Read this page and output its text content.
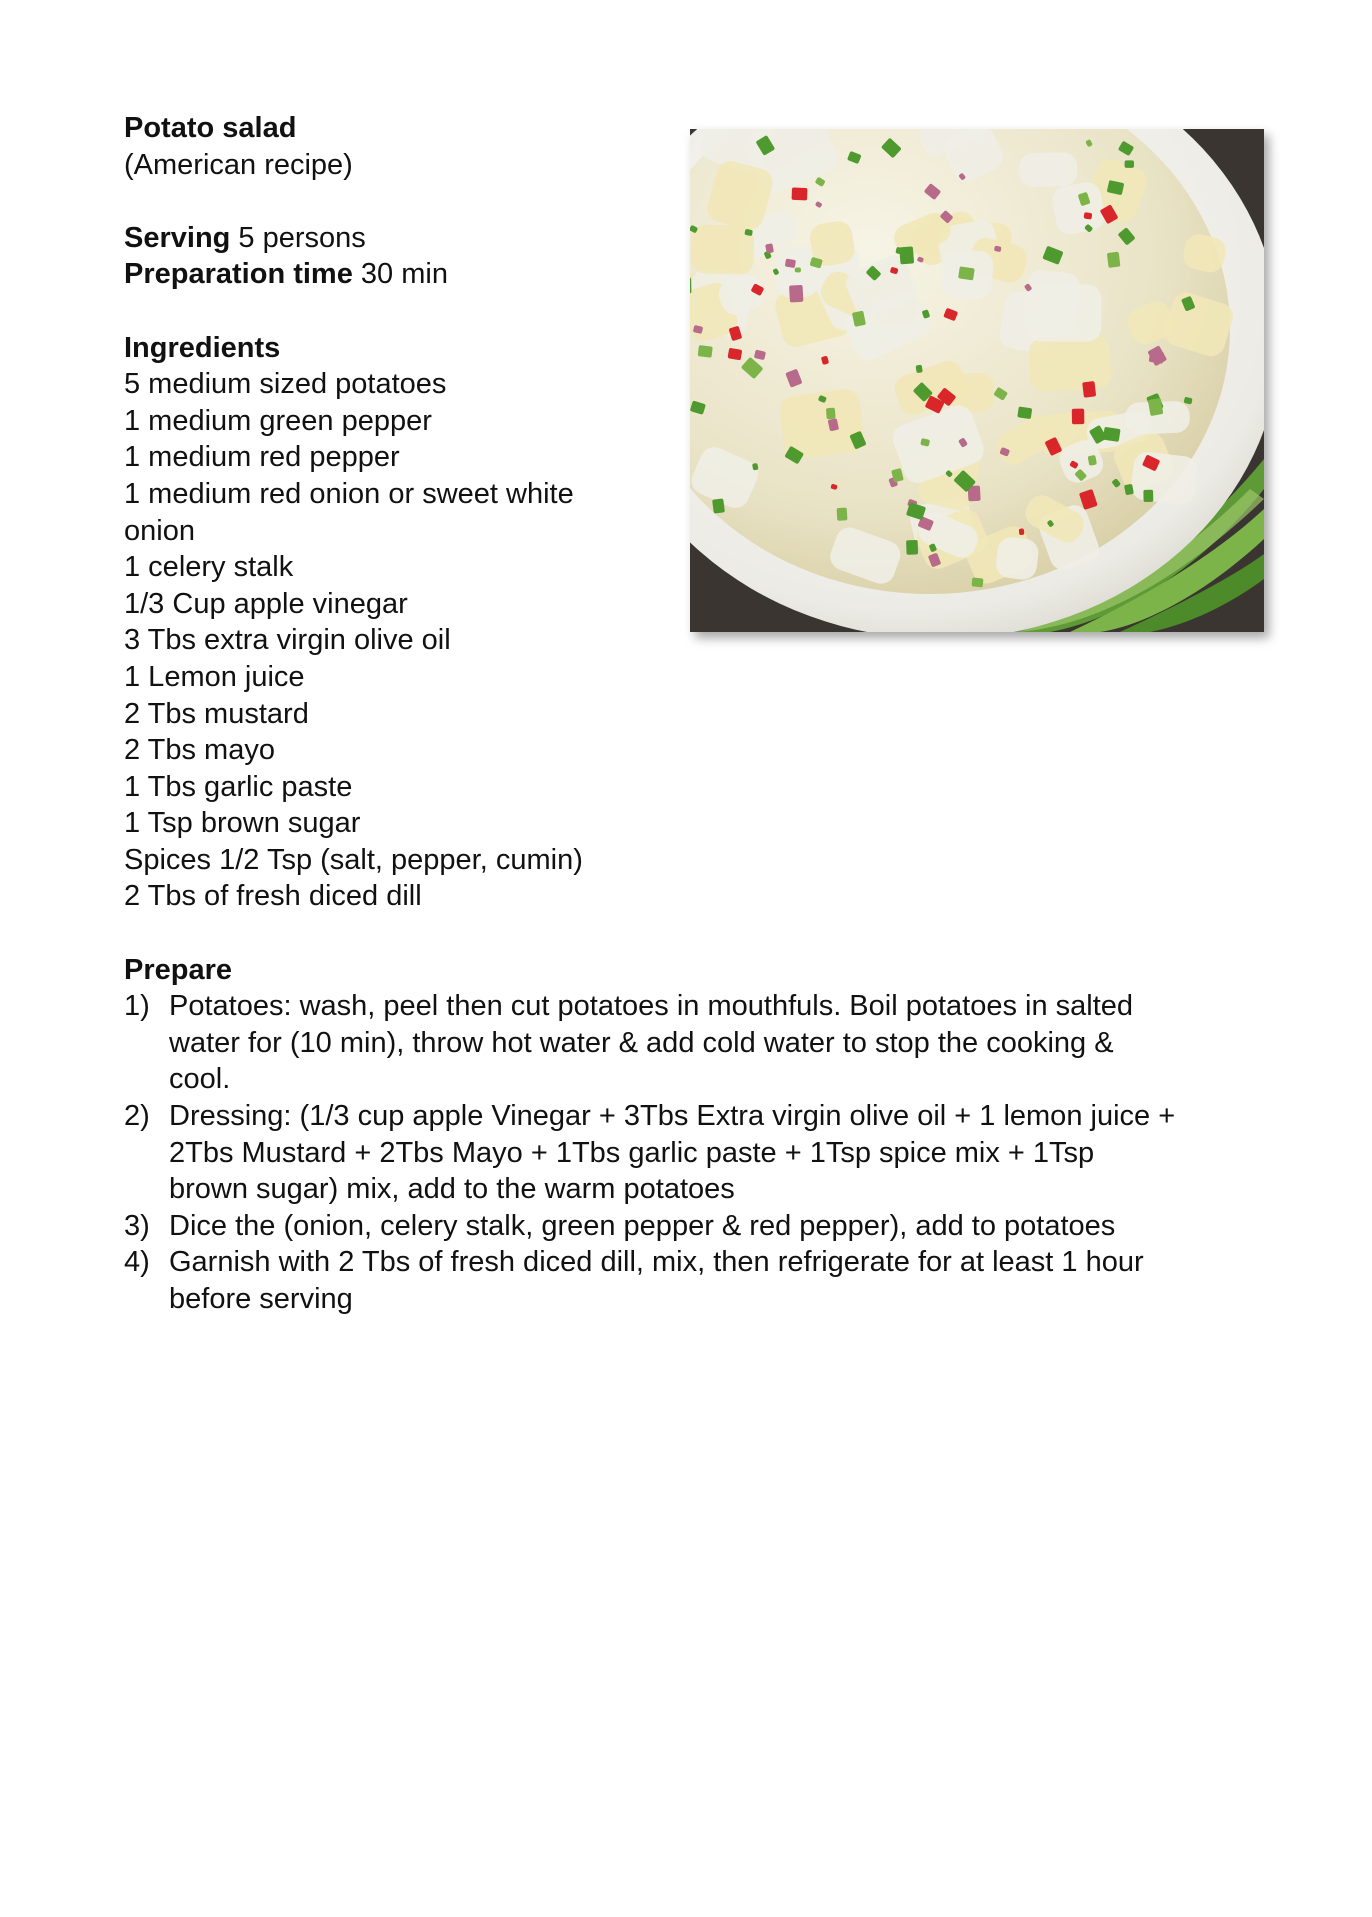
Potato salad
(American recipe)
Serving 5 persons
Preparation time 30 min
Ingredients
5 medium sized potatoes
1 medium green pepper
1 medium red pepper
1 medium red onion or sweet white onion
1 celery stalk
1/3 Cup apple vinegar
3 Tbs extra virgin olive oil
1 Lemon juice
2 Tbs mustard
2 Tbs mayo
1 Tbs garlic paste
1 Tsp brown sugar
Spices 1/2 Tsp (salt, pepper, cumin)
2 Tbs of fresh diced dill
Prepare
1) Potatoes: wash, peel then cut potatoes in mouthfuls. Boil potatoes in salted water for (10 min), throw hot water & add cold water to stop the cooking & cool.
2) Dressing: (1/3 cup apple Vinegar + 3Tbs Extra virgin olive oil + 1 lemon juice + 2Tbs Mustard + 2Tbs Mayo + 1Tbs garlic paste + 1Tsp spice mix + 1Tsp brown sugar) mix, add to the warm potatoes
3) Dice the (onion, celery stalk, green pepper & red pepper), add to potatoes
4) Garnish with 2 Tbs of fresh diced dill, mix, then refrigerate for at least 1 hour before serving
